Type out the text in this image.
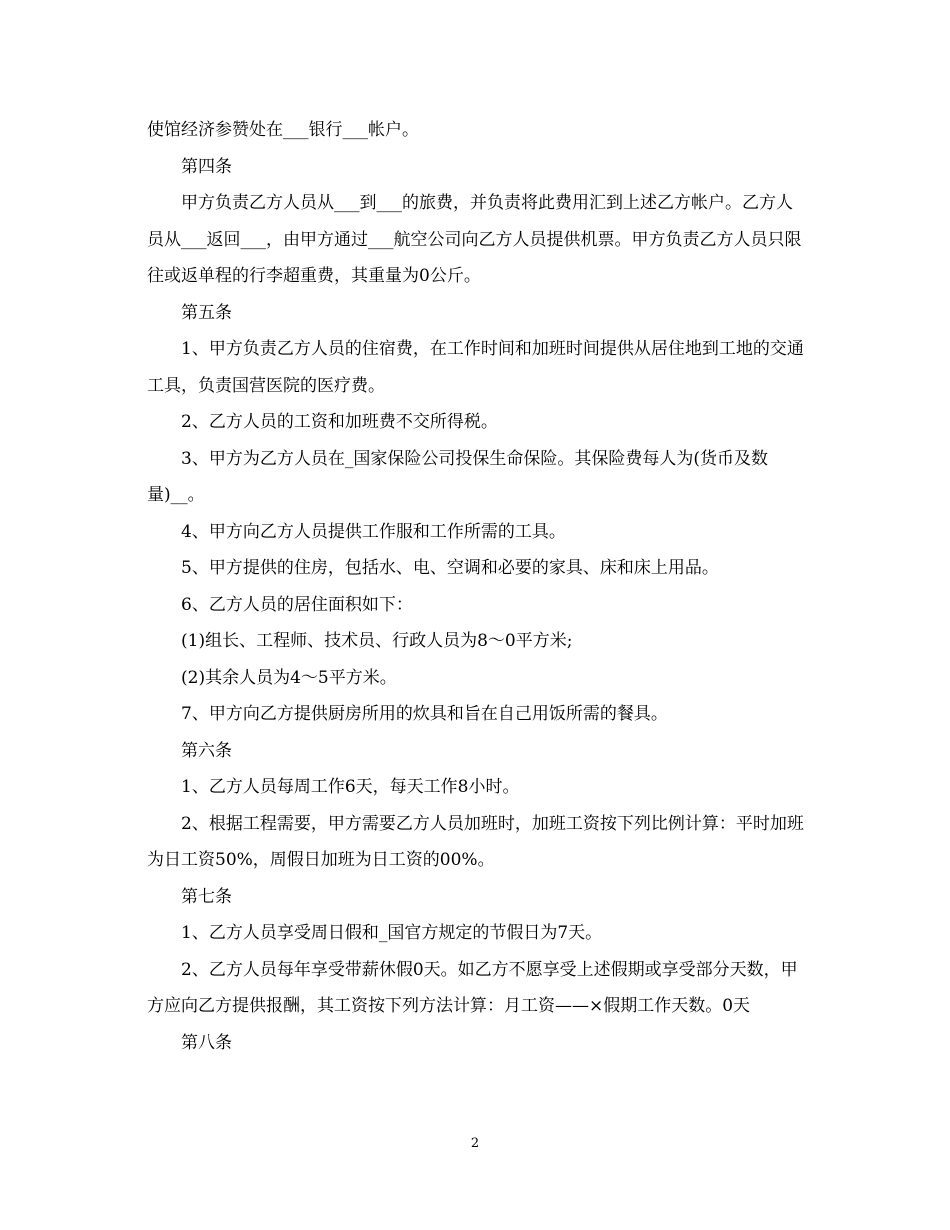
使馆经济参赞处在___银行___帐户。

第四条

甲方负责乙方人员从___到___的旅费，并负责将此费用汇到上述乙方帐户。乙方人员从___返回___，由甲方通过___航空公司向乙方人员提供机票。甲方负责乙方人员只限往或返单程的行李超重费，其重量为0公斤。

第五条

1、甲方负责乙方人员的住宿费，在工作时间和加班时间提供从居住地到工地的交通工具，负责国营医院的医疗费。

2、乙方人员的工资和加班费不交所得税。

3、甲方为乙方人员在_国家保险公司投保生命保险。其保险费每人为(货币及数量)__。

4、甲方向乙方人员提供工作服和工作所需的工具。

5、甲方提供的住房，包括水、电、空调和必要的家具、床和床上用品。

6、乙方人员的居住面积如下：

(1)组长、工程师、技术员、行政人员为8～0平方米;

(2)其余人员为4～5平方米。

7、甲方向乙方提供厨房所用的炊具和旨在自己用饭所需的餐具。

第六条

1、乙方人员每周工作6天，每天工作8小时。

2、根据工程需要，甲方需要乙方人员加班时，加班工资按下列比例计算：平时加班为日工资50%，周假日加班为日工资的00%。

第七条

1、乙方人员享受周日假和_国官方规定的节假日为7天。

2、乙方人员每年享受带薪休假0天。如乙方不愿享受上述假期或享受部分天数，甲方应向乙方提供报酬，其工资按下列方法计算：月工资——×假期工作天数。0天

第八条

2
